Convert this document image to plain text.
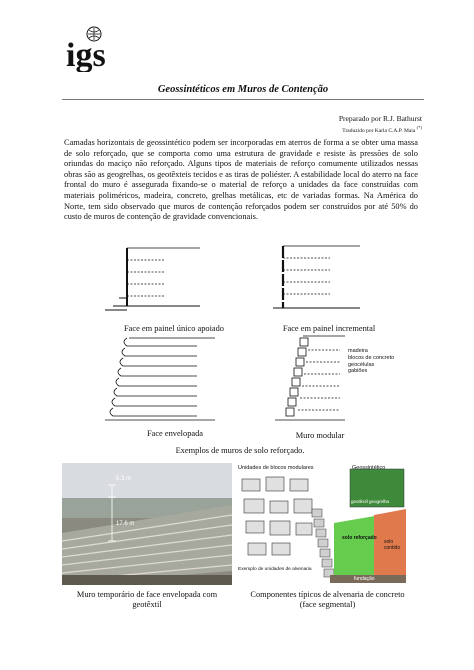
igs
Geossintéticos em Muros de Contenção
Preparado por R.J. Bathurst
Traduzido por Karla C.A.P. Maia (*)
Camadas horizontais de geossintético podem ser incorporadas em aterros de forma a se obter uma massa de solo reforçado, que se comporta como uma estrutura de gravidade e resiste às pressões de solo oriundas do maciço não reforçado. Alguns tipos de materiais de reforço comumente utilizados nessas obras são as geogrelhas, os geotêxteis tecidos e as tiras de poliéster. A estabilidade local do aterro na face frontal do muro é assegurada fixando-se o material de reforço a unidades da face construídas com materiais poliméricos, madeira, concreto, grelhas metálicas, etc de variadas formas. Na América do Norte, tem sido observado que muros de contenção reforçados podem ser construídos por até 50% do custo de muros de contenção de gravidade convencionais.
Face em painel único apoiado	Face em painel incremental
madeira
blocos de concreto
geocélulas
gabiões
Face envelopada	Muro modular
Exemplos de muros de solo reforçado.
5.3 m
17.6 m
Muro temporário de face envelopada com geotêxtil
Unidades de blocos modulares	Geossintético
geotêxtil geogrelha
solo reforçado
solo contido
fundação
Exemplo de unidades de alvenaria
Componentes típicos de alvenaria de concreto (face segmental)
